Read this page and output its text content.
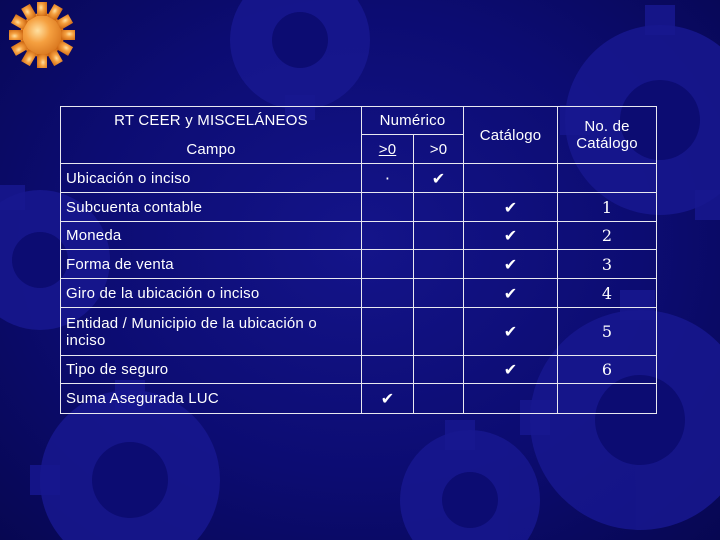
RT CEER y MISCELÁNEOS	Numérico		Catálogo	No. de Catálogo
Campo	>0	>0		
Ubicación o inciso	·	✔		
Subcuenta contable			✔	1
Moneda			✔	2
Forma de venta			✔	3
Giro de la ubicación o inciso			✔	4
Entidad / Municipio de la ubicación o inciso			✔	5
Tipo de seguro			✔	6
Suma Asegurada LUC	✔			
